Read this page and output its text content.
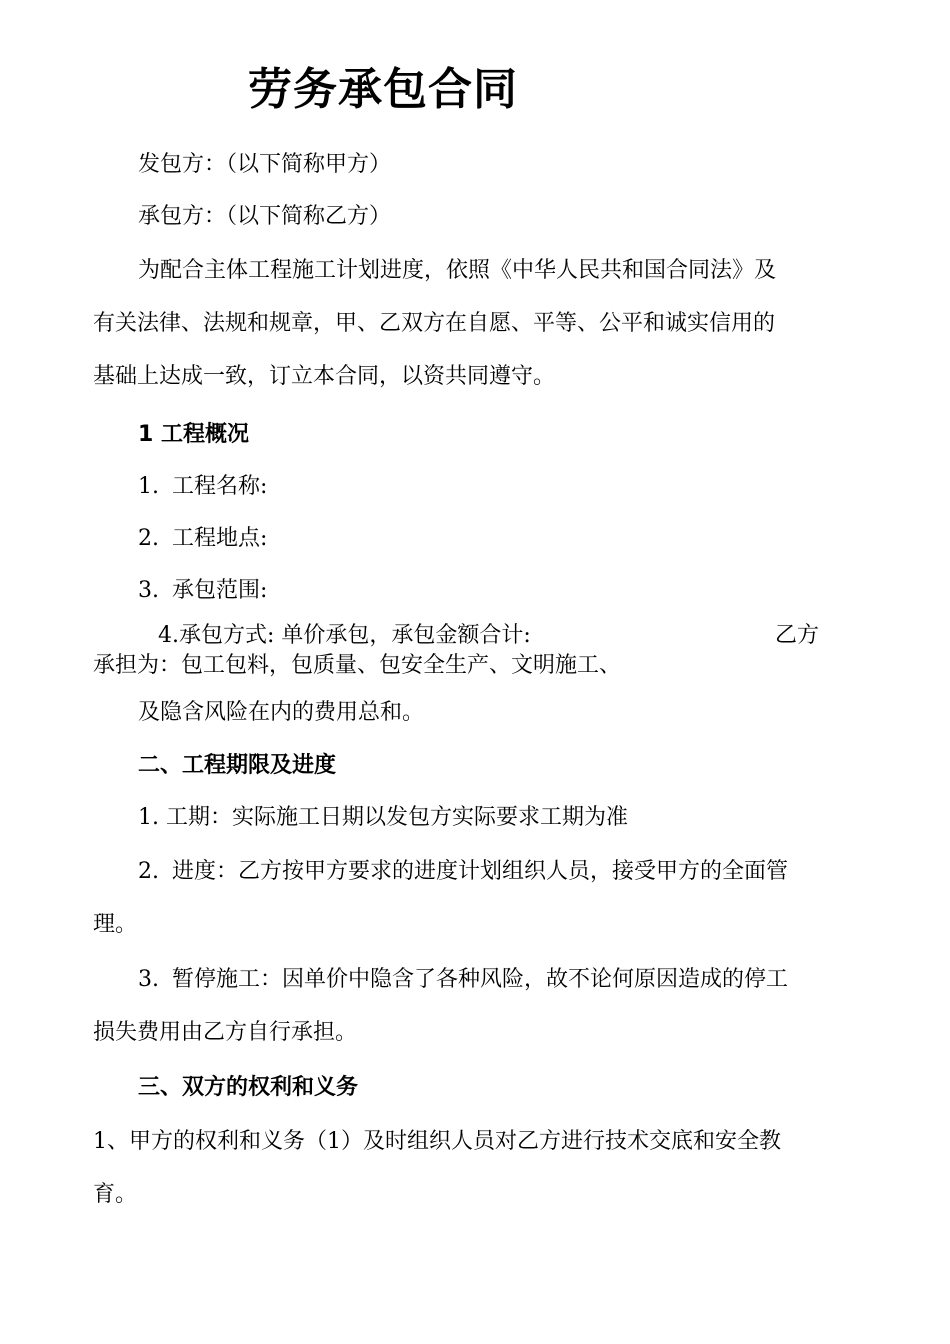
劳务承包合同
发包方：（以下简称甲方）
承包方：（以下简称乙方）
为配合主体工程施工计划进度，依照《中华人民共和国合同法》及
有关法律、法规和规章，甲、乙双方在自愿、平等、公平和诚实信用的
基础上达成一致，订立本合同，以资共同遵守。
1 工程概况
1. 工程名称:
2. 工程地点:
3. 承包范围:
4.承包方式: 单价承包，承包金额合计:	乙方
承担为：包工包料，包质量、包安全生产、文明施工、
及隐含风险在内的费用总和。
二、工程期限及进度
1. 工期：实际施工日期以发包方实际要求工期为准
2. 进度：乙方按甲方要求的进度计划组织人员，接受甲方的全面管
理。
3. 暂停施工：因单价中隐含了各种风险，故不论何原因造成的停工
损失费用由乙方自行承担。
三、双方的权利和义务
1、甲方的权利和义务（1）及时组织人员对乙方进行技术交底和安全教
育。
